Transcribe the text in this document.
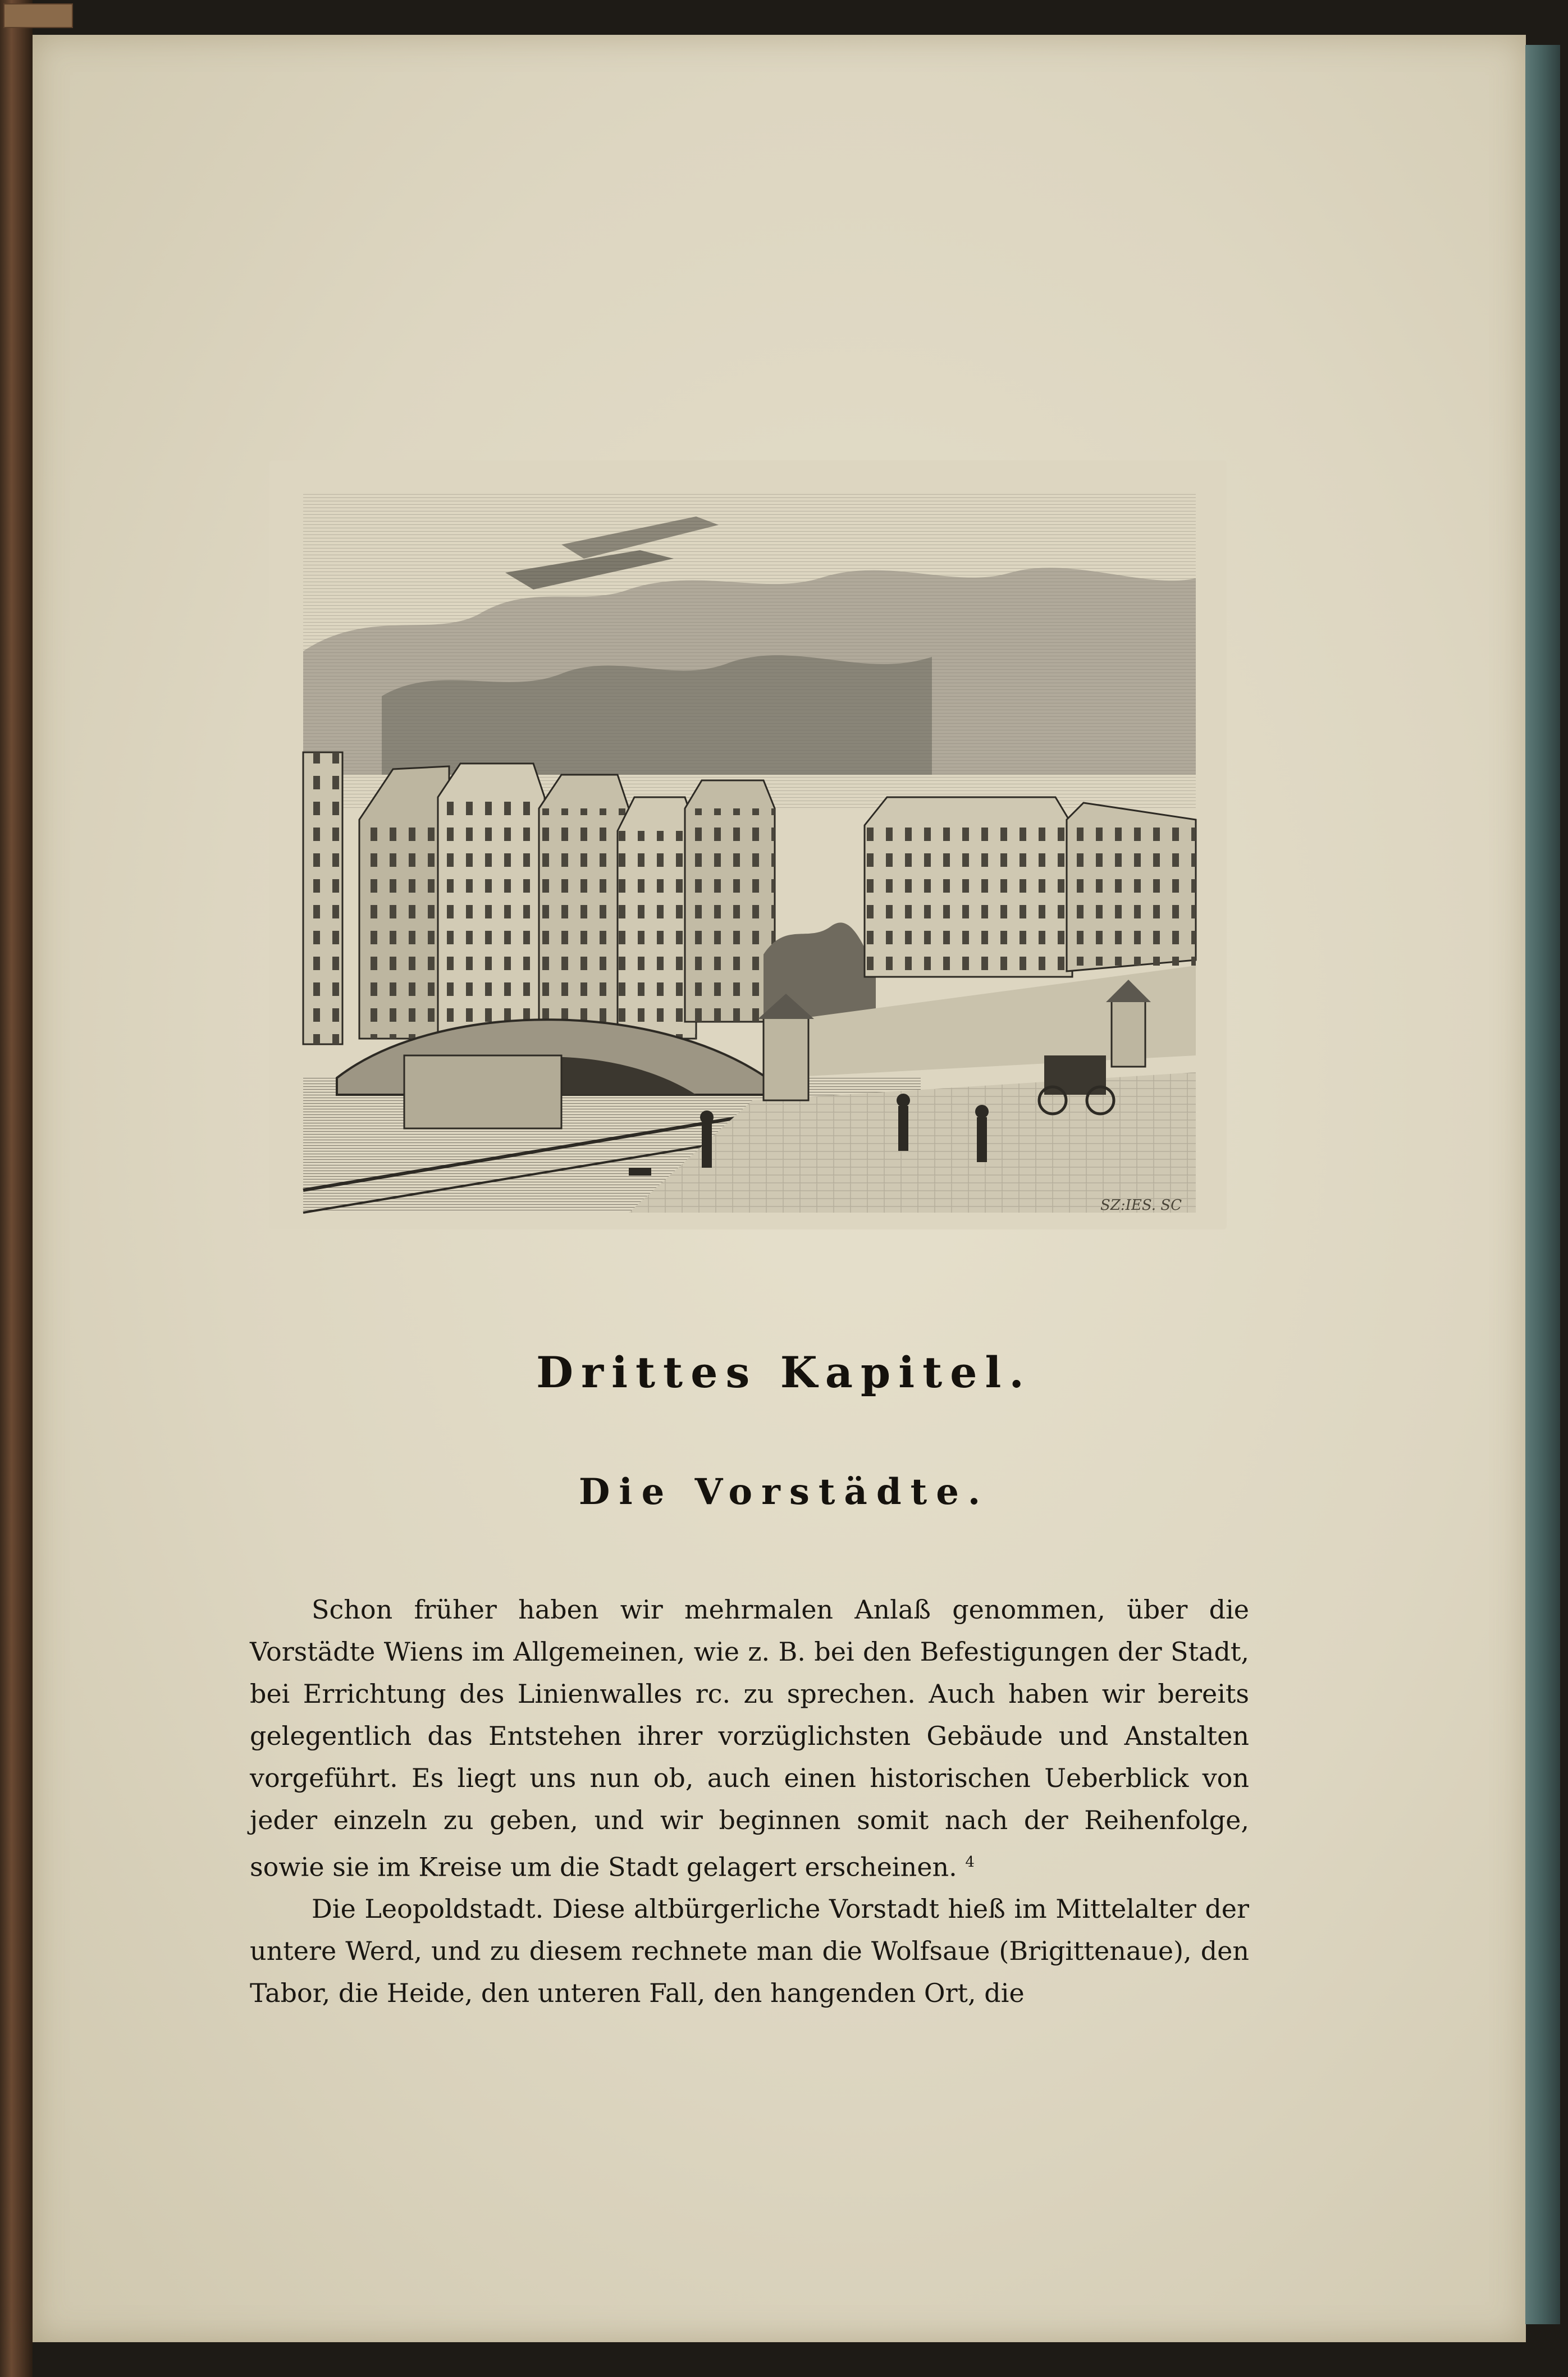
SZ:IES. SC
Drittes Kapitel.
Die Vorstädte.

Schon früher haben wir mehrmalen Anlaß genommen, über die Vorstädte Wiens im Allgemeinen, wie z. B. bei den Befestigungen der Stadt, bei Errichtung des Linienwalles rc. zu sprechen. Auch haben wir bereits gelegentlich das Entstehen ihrer vorzüglichsten Gebäude und Anstalten vorgeführt. Es liegt uns nun ob, auch einen historischen Ueberblick von jeder einzeln zu geben, und wir beginnen somit nach der Reihenfolge, sowie sie im Kreise um die Stadt gelagert erscheinen. $^4$

Die Leopoldstadt. Diese altbürgerliche Vorstadt hieß im Mittelalter der untere Werd, und zu diesem rechnete man die Wolfsaue (Brigittenaue), den Tabor, die Heide, den unteren Fall, den hangenden Ort, die
